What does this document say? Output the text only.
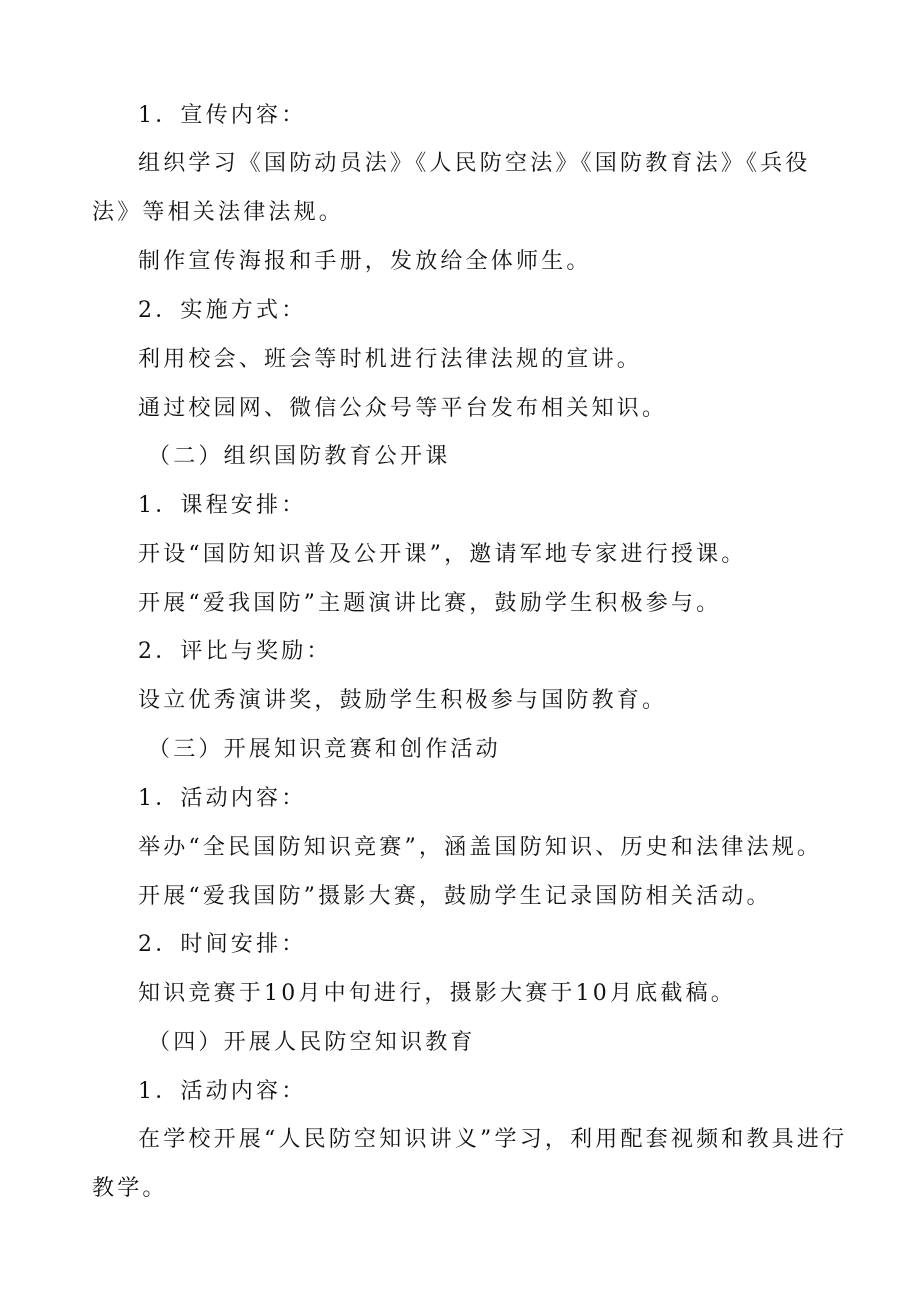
1．宣传内容：

组织学习《国防动员法》《人民防空法》《国防教育法》《兵役

法》等相关法律法规。

制作宣传海报和手册，发放给全体师生。

2．实施方式：

利用校会、班会等时机进行法律法规的宣讲。

通过校园网、微信公众号等平台发布相关知识。

（二）组织国防教育公开课

1．课程安排：

开设“国防知识普及公开课”，邀请军地专家进行授课。

开展“爱我国防”主题演讲比赛，鼓励学生积极参与。

2．评比与奖励：

设立优秀演讲奖，鼓励学生积极参与国防教育。

（三）开展知识竞赛和创作活动

1．活动内容：

举办“全民国防知识竞赛”，涵盖国防知识、历史和法律法规。

开展“爱我国防”摄影大赛，鼓励学生记录国防相关活动。

2．时间安排：

知识竞赛于10月中旬进行，摄影大赛于10月底截稿。

（四）开展人民防空知识教育

1．活动内容：

在学校开展“人民防空知识讲义”学习，利用配套视频和教具进行

教学。
